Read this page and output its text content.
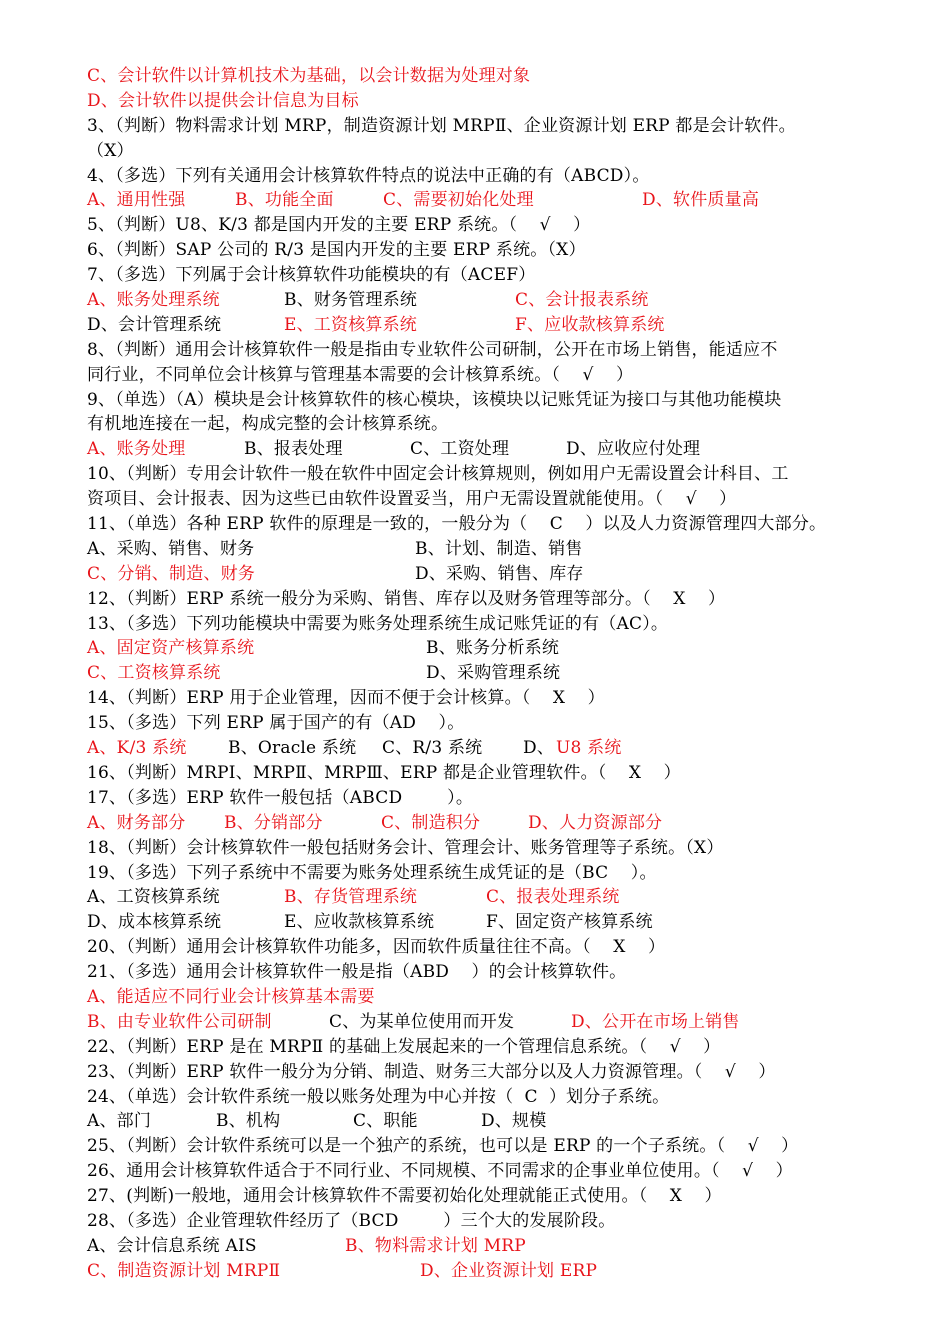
C、会计软件以计算机技术为基础，以会计数据为处理对象
D、会计软件以提供会计信息为目标
3、（判断）物料需求计划 MRP，制造资源计划 MRPⅡ、企业资源计划 ERP 都是会计软件。
（X）
4、（多选）下列有关通用会计核算软件特点的说法中正确的有（ABCD）。
A、通用性强	B、功能全面	C、需要初始化处理	D、软件质量高
5、（判断）U8、K/3 都是国内开发的主要 ERP 系统。（    √    ）
6、（判断）SAP 公司的 R/3 是国内开发的主要 ERP 系统。（X）
7、（多选）下列属于会计核算软件功能模块的有（ACEF）
A、账务处理系统	B、财务管理系统	C、会计报表系统
D、会计管理系统	E、工资核算系统	F、应收款核算系统
8、（判断）通用会计核算软件一般是指由专业软件公司研制，公开在市场上销售，能适应不
同行业，不同单位会计核算与管理基本需要的会计核算系统。（    √    ）
9、（单选）（A）模块是会计核算软件的核心模块，该模块以记账凭证为接口与其他功能模块
有机地连接在一起，构成完整的会计核算系统。
A、账务处理	B、报表处理	C、工资处理	D、应收应付处理
10、（判断）专用会计软件一般在软件中固定会计核算规则，例如用户无需设置会计科目、工
资项目、会计报表、因为这些已由软件设置妥当，用户无需设置就能使用。（    √    ）
11、（单选）各种 ERP 软件的原理是一致的，一般分为（    C    ）以及人力资源管理四大部分。
A、采购、销售、财务	B、计划、制造、销售
C、分销、制造、财务	D、采购、销售、库存
12、（判断）ERP 系统一般分为采购、销售、库存以及财务管理等部分。（    X    ）
13、（多选）下列功能模块中需要为账务处理系统生成记账凭证的有（AC）。
A、固定资产核算系统	B、账务分析系统
C、工资核算系统	D、采购管理系统
14、（判断）ERP 用于企业管理，因而不便于会计核算。（    X    ）
15、（多选）下列 ERP 属于国产的有（AD    ）。
A、K/3 系统 B、Oracle 系统 C、R/3 系统 D、 U8 系统
16、（判断）MRPⅠ、MRPⅡ、MRPⅢ、ERP 都是企业管理软件。（    X    ）
17、（多选）ERP 软件一般包括（ABCD        ）。
A、财务部分 B、分销部分	C、制造积分	D、人力资源部分
18、（判断）会计核算软件一般包括财务会计、管理会计、账务管理等子系统。（X）
19、（多选）下列子系统中不需要为账务处理系统生成凭证的是（BC    ）。
A、工资核算系统	B、存货管理系统	C、报表处理系统
D、成本核算系统	E、应收款核算系统	F、固定资产核算系统
20、（判断）通用会计核算软件功能多，因而软件质量往往不高。（    X    ）
21、（多选）通用会计核算软件一般是指（ABD    ）的会计核算软件。
A、能适应不同行业会计核算基本需要
B、由专业软件公司研制	C、为某单位使用而开发	D、公开在市场上销售
22、（判断）ERP 是在 MRPⅡ 的基础上发展起来的一个管理信息系统。（    √    ）
23、（判断）ERP 软件一般分为分销、制造、财务三大部分以及人力资源管理。（    √    ）
24、（单选）会计软件系统一般以账务处理为中心并按（  C  ）划分子系统。
A、部门	B、机构	C、职能	D、规模
25、（判断）会计软件系统可以是一个独产的系统，也可以是 ERP 的一个子系统。（    √    ）
26、通用会计核算软件适合于不同行业、不同规模、不同需求的企事业单位使用。（    √    ）
27、(判断)一般地，通用会计核算软件不需要初始化处理就能正式使用。（    X    ）
28、（多选）企业管理软件经历了（BCD        ）三个大的发展阶段。
A、会计信息系统 AIS	B、物料需求计划 MRP
C、制造资源计划 MRPⅡ	D、企业资源计划 ERP
